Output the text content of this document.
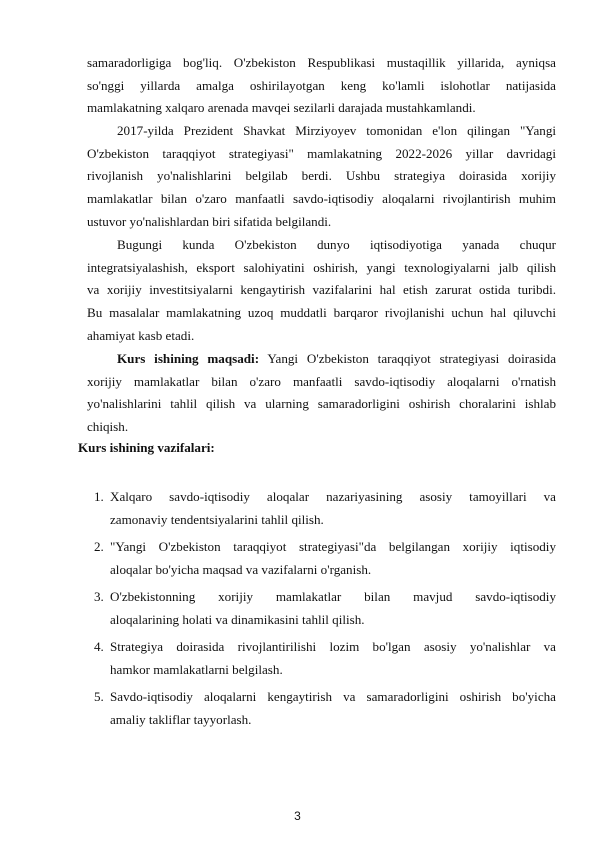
samaradorligiga bog'liq. O'zbekiston Respublikasi mustaqillik yillarida, ayniqsa
so'nggi yillarda amalga oshirilayotgan keng ko'lamli islohotlar natijasida
mamlakatning xalqaro arenada mavqei sezilarli darajada mustahkamlandi.
2017-yilda Prezident Shavkat Mirziyoyev tomonidan e'lon qilingan "Yangi
O'zbekiston taraqqiyot strategiyasi" mamlakatning 2022-2026 yillar davridagi
rivojlanish yo'nalishlarini belgilab berdi. Ushbu strategiya doirasida xorijiy
mamlakatlar bilan o'zaro manfaatli savdo-iqtisodiy aloqalarni rivojlantirish muhim
ustuvor yo'nalishlardan biri sifatida belgilandi.
Bugungi kunda O'zbekiston dunyo iqtisodiyotiga yanada chuqur
integratsiyalashish, eksport salohiyatini oshirish, yangi texnologiyalarni jalb qilish
va xorijiy investitsiyalarni kengaytirish vazifalarini hal etish zarurat ostida turibdi.
Bu masalalar mamlakatning uzoq muddatli barqaror rivojlanishi uchun hal qiluvchi
ahamiyat kasb etadi.
Kurs ishining maqsadi: Yangi O'zbekiston taraqqiyot strategiyasi doirasida
xorijiy mamlakatlar bilan o'zaro manfaatli savdo-iqtisodiy aloqalarni o'rnatish
yo'nalishlarini tahlil qilish va ularning samaradorligini oshirish choralarini ishlab
chiqish.
Kurs ishining vazifalari:
1. Xalqaro savdo-iqtisodiy aloqalar nazariyasining asosiy tamoyillari va
zamonaviy tendentsiyalarini tahlil qilish.
2. "Yangi O'zbekiston taraqqiyot strategiyasi"da belgilangan xorijiy iqtisodiy
aloqalar bo'yicha maqsad va vazifalarni o'rganish.
3. O'zbekistonning xorijiy mamlakatlar bilan mavjud savdo-iqtisodiy
aloqalarining holati va dinamikasini tahlil qilish.
4. Strategiya doirasida rivojlantirilishi lozim bo'lgan asosiy yo'nalishlar va
hamkor mamlakatlarni belgilash.
5. Savdo-iqtisodiy aloqalarni kengaytirish va samaradorligini oshirish bo'yicha
amaliy takliflar tayyorlash.
3
